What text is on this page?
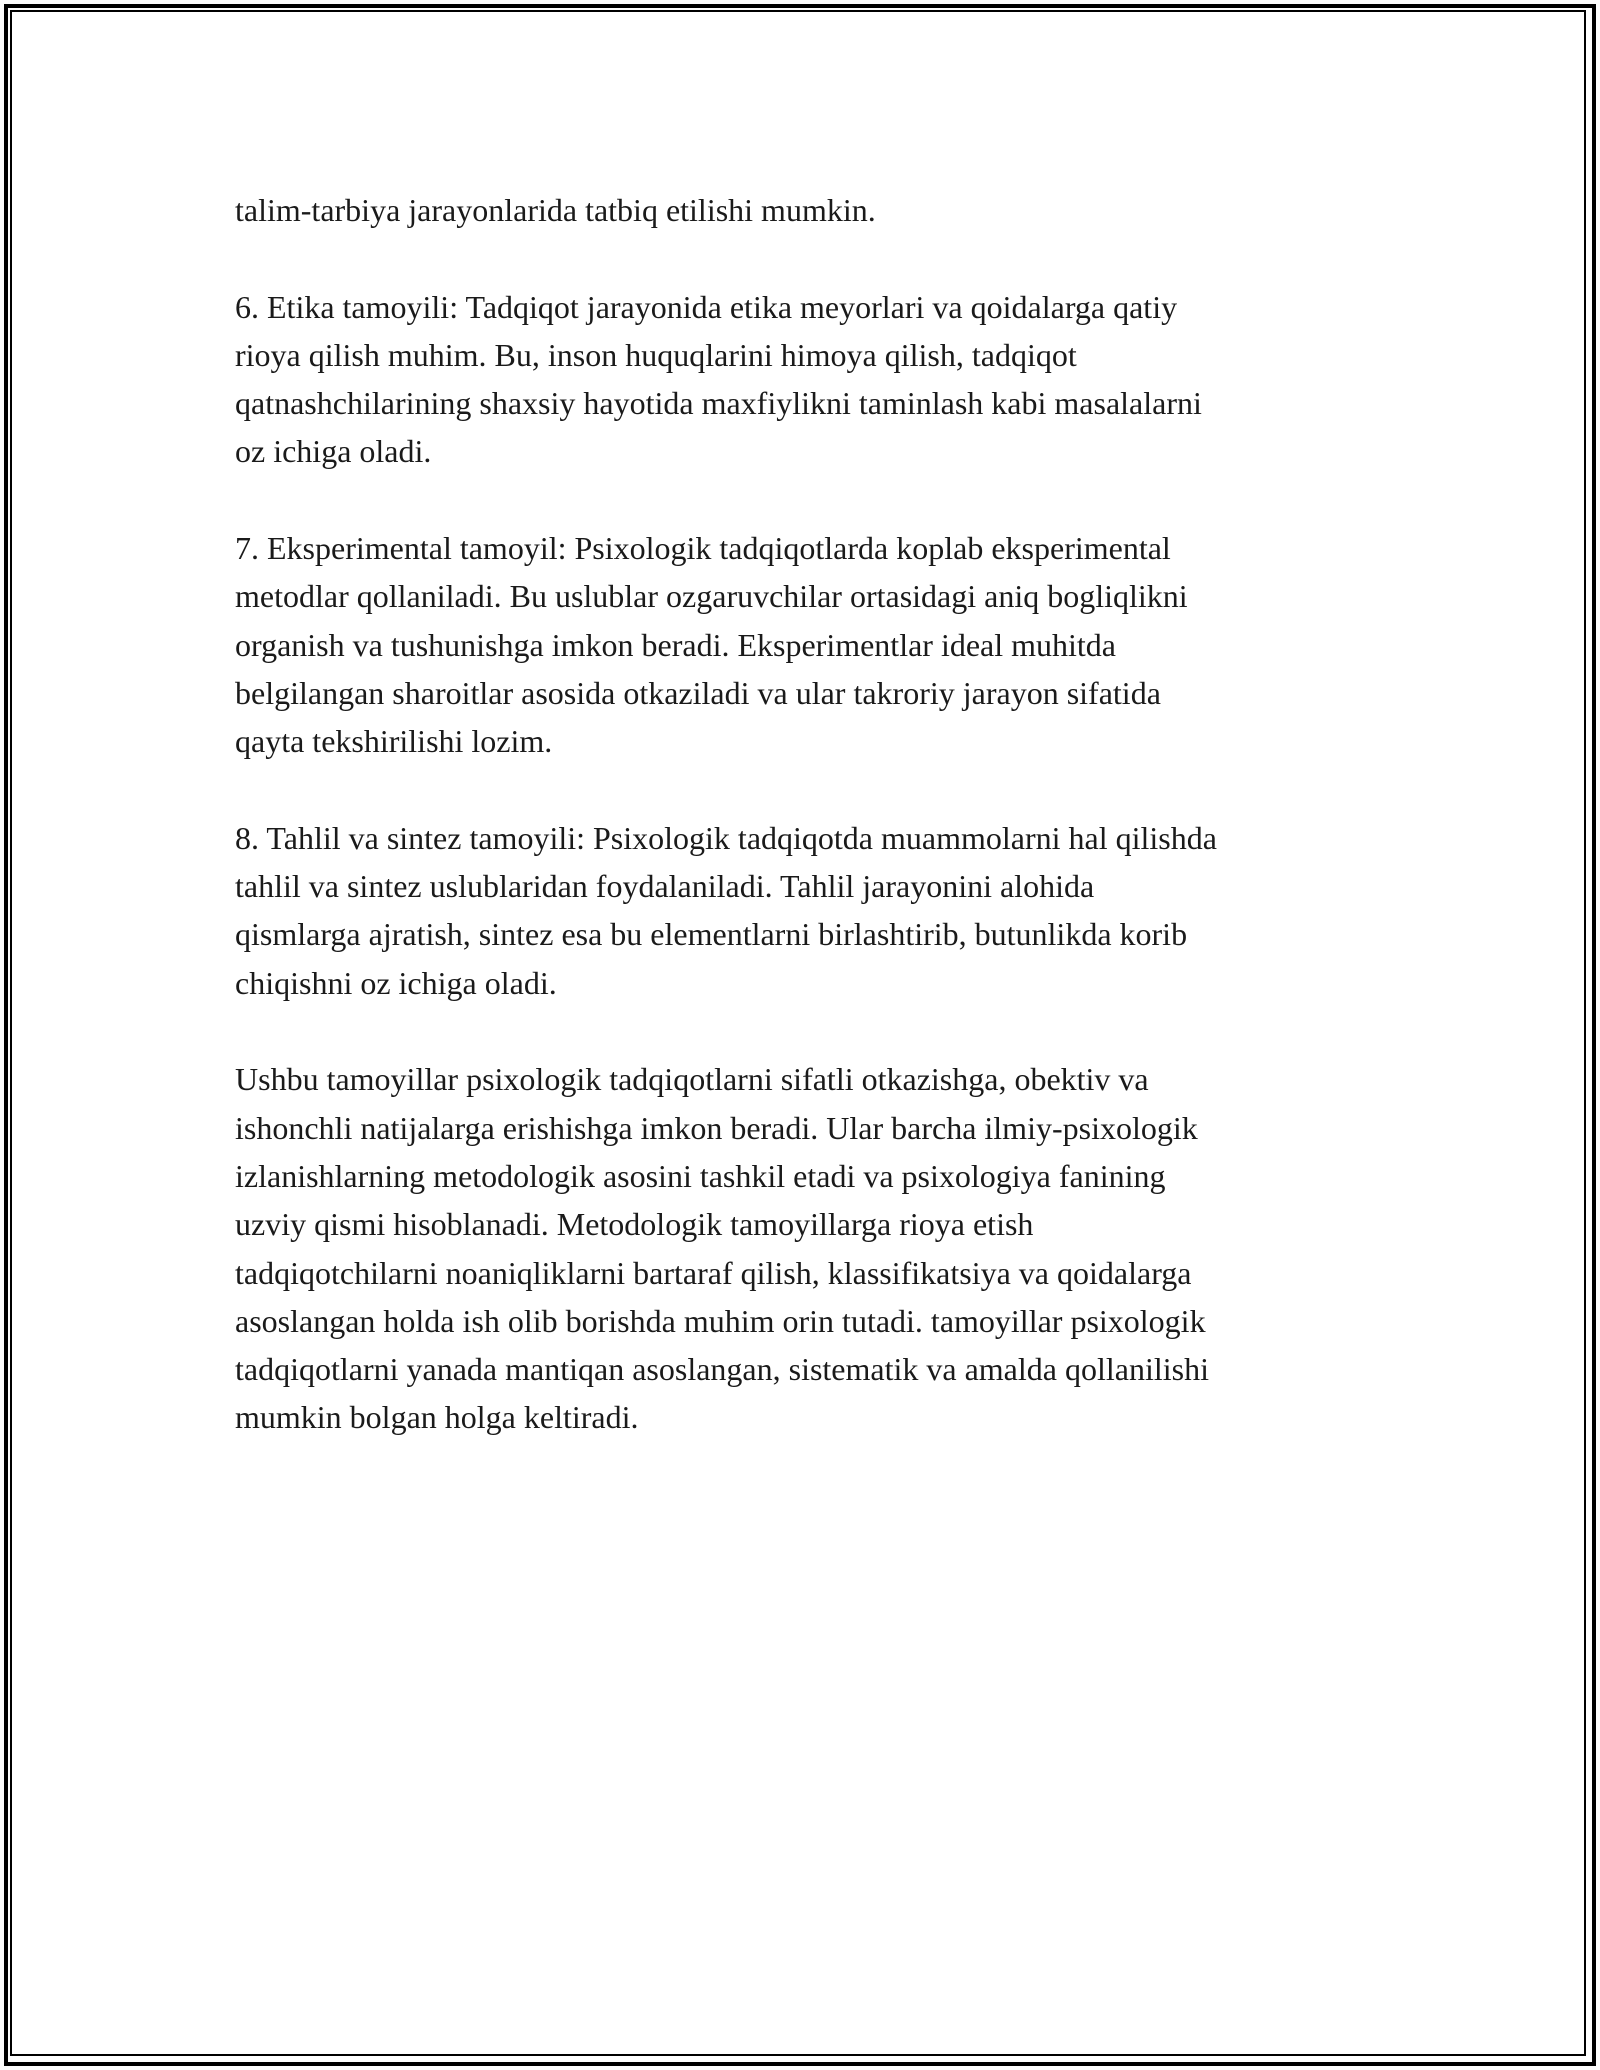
talim-tarbiya jarayonlarida tatbiq etilishi mumkin.

6. Etika tamoyili: Tadqiqot jarayonida etika meyorlari va qoidalarga qatiy
rioya qilish muhim. Bu, inson huquqlarini himoya qilish, tadqiqot
qatnashchilarining shaxsiy hayotida maxfiylikni taminlash kabi masalalarni
oz ichiga oladi.

7. Eksperimental tamoyil: Psixologik tadqiqotlarda koplab eksperimental
metodlar qollaniladi. Bu uslublar ozgaruvchilar ortasidagi aniq bogliqlikni
organish va tushunishga imkon beradi. Eksperimentlar ideal muhitda
belgilangan sharoitlar asosida otkaziladi va ular takroriy jarayon sifatida
qayta tekshirilishi lozim.

8. Tahlil va sintez tamoyili: Psixologik tadqiqotda muammolarni hal qilishda
tahlil va sintez uslublaridan foydalaniladi. Tahlil jarayonini alohida
qismlarga ajratish, sintez esa bu elementlarni birlashtirib, butunlikda korib
chiqishni oz ichiga oladi.

Ushbu tamoyillar psixologik tadqiqotlarni sifatli otkazishga, obektiv va
ishonchli natijalarga erishishga imkon beradi. Ular barcha ilmiy-psixologik
izlanishlarning metodologik asosini tashkil etadi va psixologiya fanining
uzviy qismi hisoblanadi. Metodologik tamoyillarga rioya etish
tadqiqotchilarni noaniqliklarni bartaraf qilish, klassifikatsiya va qoidalarga
asoslangan holda ish olib borishda muhim orin tutadi. tamoyillar psixologik
tadqiqotlarni yanada mantiqan asoslangan, sistematik va amalda qollanilishi
mumkin bolgan holga keltiradi.
